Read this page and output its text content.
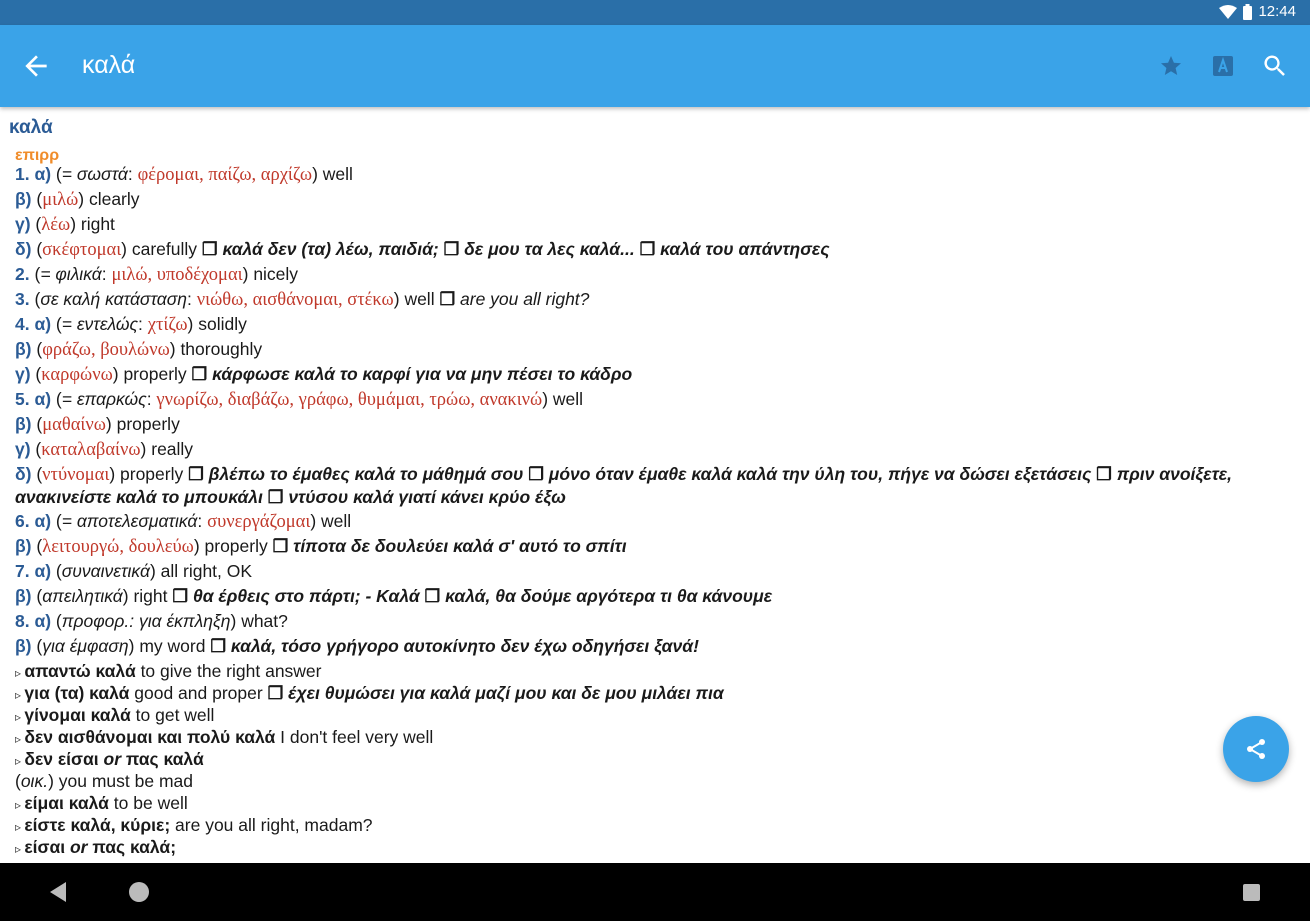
12:44
καλά
καλά
επιρρ
1. α) (= σωστά: φέρομαι, παίζω, αρχίζω) well
β) (μιλώ) clearly
γ) (λέω) right
δ) (σκέφτομαι) carefully ❒ καλά δεν (τα) λέω, παιδιά; ❒ δε μου τα λες καλά... ❒ καλά του απάντησες
2. (= φιλικά: μιλώ, υποδέχομαι) nicely
3. (σε καλή κατάσταση: νιώθω, αισθάνομαι, στέκω) well ❒ are you all right?
4. α) (= εντελώς: χτίζω) solidly
β) (φράζω, βουλώνω) thoroughly
γ) (καρφώνω) properly ❒ κάρφωσε καλά το καρφί για να μην πέσει το κάδρο
5. α) (= επαρκώς: γνωρίζω, διαβάζω, γράφω, θυμάμαι, τρώω, ανακινώ) well
β) (μαθαίνω) properly
γ) (καταλαβαίνω) really
δ) (ντύνομαι) properly ❒ βλέπω το έμαθες καλά το μάθημά σου ❒ μόνο όταν έμαθε καλά καλά την ύλη του, πήγε να δώσει εξετάσεις ❒ πριν ανοίξετε, ανακινείστε καλά το μπουκάλι ❒ ντύσου καλά γιατί κάνει κρύο έξω
6. α) (= αποτελεσματικά: συνεργάζομαι) well
β) (λειτουργώ, δουλεύω) properly ❒ τίποτα δε δουλεύει καλά σ' αυτό το σπίτι
7. α) (συναινετικά) all right, OK
β) (απειλητικά) right ❒ θα έρθεις στο πάρτι; - Καλά ❒ καλά, θα δούμε αργότερα τι θα κάνουμε
8. α) (προφορ.: για έκπληξη) what?
β) (για έμφαση) my word ❒ καλά, τόσο γρήγορο αυτοκίνητο δεν έχω οδηγήσει ξανά!
▹ απαντώ καλά to give the right answer
▹ για (τα) καλά good and proper ❒ έχει θυμώσει για καλά μαζί μου και δε μου μιλάει πια
▹ γίνομαι καλά to get well
▹ δεν αισθάνομαι και πολύ καλά I don't feel very well
▹ δεν είσαι or πας καλά
(οικ.) you must be mad
▹ είμαι καλά to be well
▹ είστε καλά, κύριε; are you all right, madam?
▹ είσαι or πας καλά;
